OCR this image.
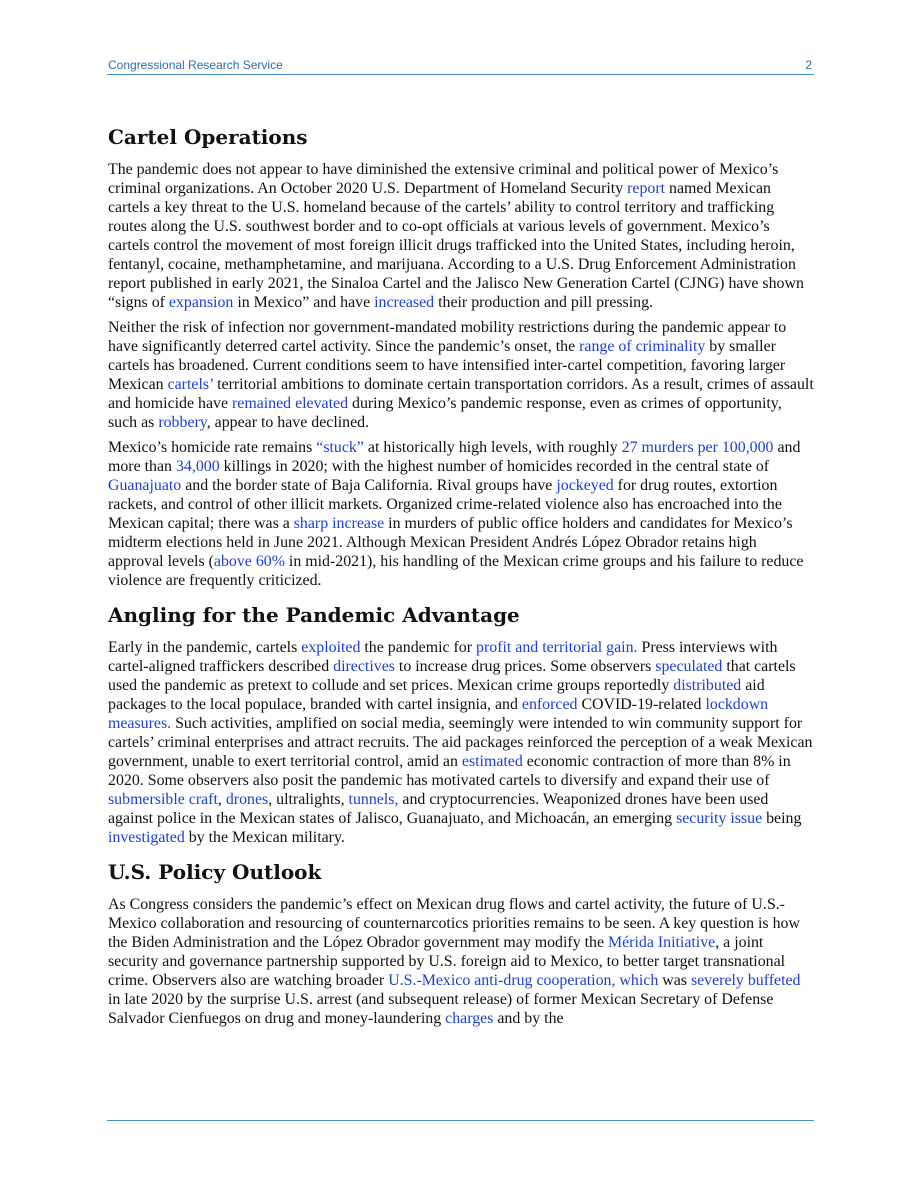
Congressional Research Service	2
Cartel Operations

The pandemic does not appear to have diminished the extensive criminal and political power of Mexico’s criminal organizations. An October 2020 U.S. Department of Homeland Security report named Mexican cartels a key threat to the U.S. homeland because of the cartels’ ability to control territory and trafficking routes along the U.S. southwest border and to co-opt officials at various levels of government. Mexico’s cartels control the movement of most foreign illicit drugs trafficked into the United States, including heroin, fentanyl, cocaine, methamphetamine, and marijuana. According to a U.S. Drug Enforcement Administration report published in early 2021, the Sinaloa Cartel and the Jalisco New Generation Cartel (CJNG) have shown “signs of expansion in Mexico” and have increased their production and pill pressing.

Neither the risk of infection nor government-mandated mobility restrictions during the pandemic appear to have significantly deterred cartel activity. Since the pandemic’s onset, the range of criminality by smaller cartels has broadened. Current conditions seem to have intensified inter-cartel competition, favoring larger Mexican cartels’ territorial ambitions to dominate certain transportation corridors. As a result, crimes of assault and homicide have remained elevated during Mexico’s pandemic response, even as crimes of opportunity, such as robbery, appear to have declined.

Mexico’s homicide rate remains “stuck” at historically high levels, with roughly 27 murders per 100,000 and more than 34,000 killings in 2020; with the highest number of homicides recorded in the central state of Guanajuato and the border state of Baja California. Rival groups have jockeyed for drug routes, extortion rackets, and control of other illicit markets. Organized crime-related violence also has encroached into the Mexican capital; there was a sharp increase in murders of public office holders and candidates for Mexico’s midterm elections held in June 2021. Although Mexican President Andrés López Obrador retains high approval levels (above 60% in mid-2021), his handling of the Mexican crime groups and his failure to reduce violence are frequently criticized.

Angling for the Pandemic Advantage

Early in the pandemic, cartels exploited the pandemic for profit and territorial gain. Press interviews with cartel-aligned traffickers described directives to increase drug prices. Some observers speculated that cartels used the pandemic as pretext to collude and set prices. Mexican crime groups reportedly distributed aid packages to the local populace, branded with cartel insignia, and enforced COVID-19-related lockdown measures. Such activities, amplified on social media, seemingly were intended to win community support for cartels’ criminal enterprises and attract recruits. The aid packages reinforced the perception of a weak Mexican government, unable to exert territorial control, amid an estimated economic contraction of more than 8% in 2020. Some observers also posit the pandemic has motivated cartels to diversify and expand their use of submersible craft, drones, ultralights, tunnels, and cryptocurrencies. Weaponized drones have been used against police in the Mexican states of Jalisco, Guanajuato, and Michoacán, an emerging security issue being investigated by the Mexican military.

U.S. Policy Outlook

As Congress considers the pandemic’s effect on Mexican drug flows and cartel activity, the future of U.S.-Mexico collaboration and resourcing of counternarcotics priorities remains to be seen. A key question is how the Biden Administration and the López Obrador government may modify the Mérida Initiative, a joint security and governance partnership supported by U.S. foreign aid to Mexico, to better target transnational crime. Observers also are watching broader U.S.-Mexico anti-drug cooperation, which was severely buffeted in late 2020 by the surprise U.S. arrest (and subsequent release) of former Mexican Secretary of Defense Salvador Cienfuegos on drug and money-laundering charges and by the
